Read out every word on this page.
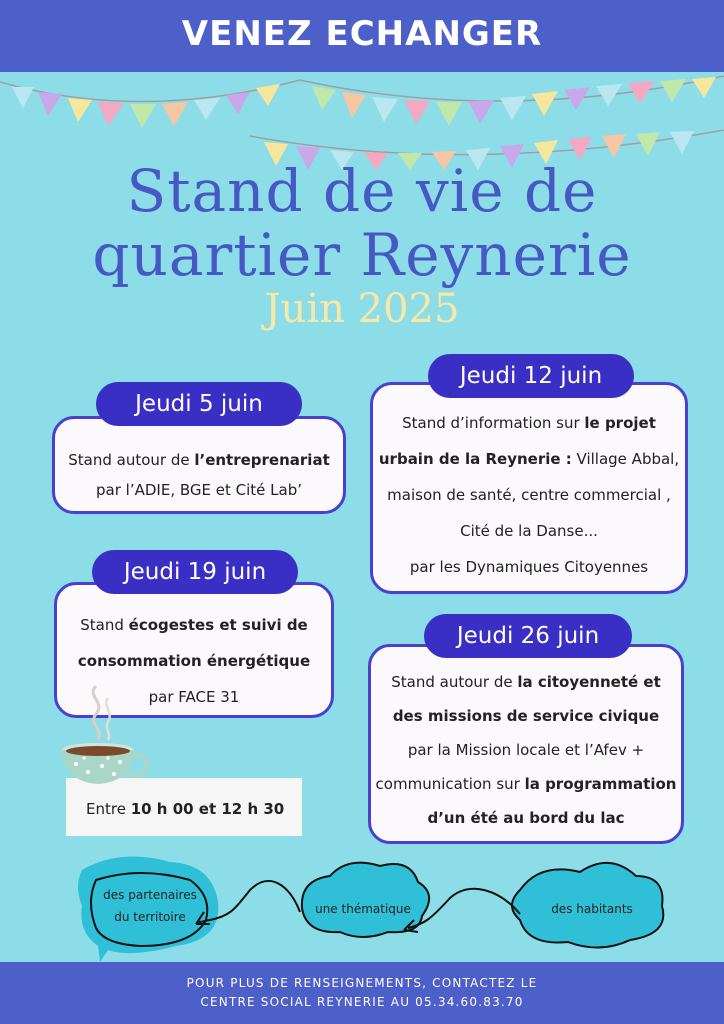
VENEZ ECHANGER
Stand de vie de
quartier Reynerie
Juin 2025
Jeudi 5 juin

Stand autour de l’entreprenariat

par l’ADIE, BGE et Cité Lab’

Jeudi 12 juin

Stand d’information sur le projet

urbain de la Reynerie : Village Abbal,

maison de santé, centre commercial ,

Cité de la Danse...

par les Dynamiques Citoyennes

Jeudi 19 juin

Stand écogestes et suivi de

consommation énergétique

par FACE 31

Jeudi 26 juin

Stand autour de la citoyenneté et

des missions de service civique

par la Mission locale et l’Afev +

communication sur la programmation

d’un été au bord du lac

Entre 10 h 00 et 12 h 30
des partenaires
du territoire
une thématique	des habitants

POUR PLUS DE RENSEIGNEMENTS, CONTACTEZ LE

CENTRE SOCIAL REYNERIE AU 05.34.60.83.70
